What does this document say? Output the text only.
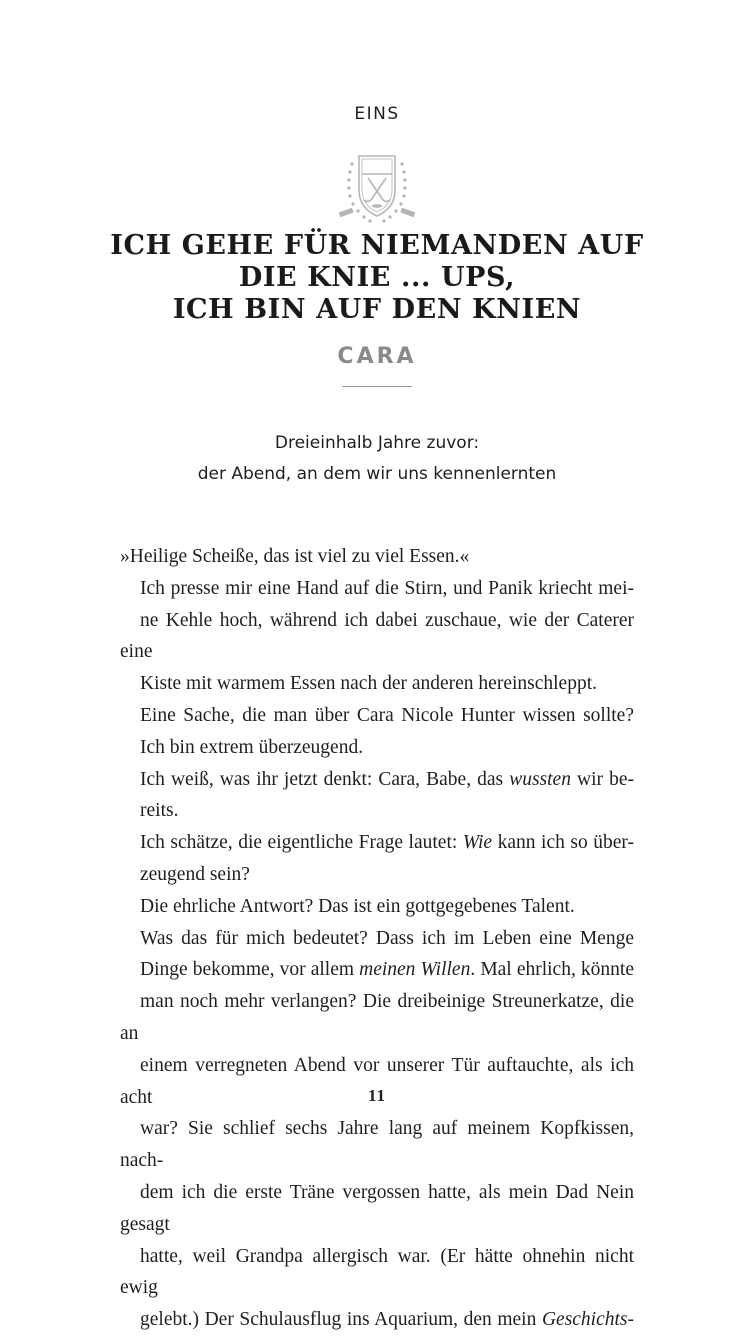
EINS
ICH GEHE FÜR NIEMANDEN AUF
DIE KNIE ... UPS,
ICH BIN AUF DEN KNIEN
CARA
Dreieinhalb Jahre zuvor:
der Abend, an dem wir uns kennenlernten

»Heilige Scheiße, das ist viel zu viel Essen.«

Ich presse mir eine Hand auf die Stirn, und Panik kriecht mei-
ne Kehle hoch, während ich dabei zuschaue, wie der Caterer eine
Kiste mit warmem Essen nach der anderen hereinschleppt.

Eine Sache, die man über Cara Nicole Hunter wissen sollte?
Ich bin extrem überzeugend.

Ich weiß, was ihr jetzt denkt: Cara, Babe, das wussten wir be-
reits.

Ich schätze, die eigentliche Frage lautet: Wie kann ich so über-
zeugend sein?

Die ehrliche Antwort? Das ist ein gottgegebenes Talent.

Was das für mich bedeutet? Dass ich im Leben eine Menge
Dinge bekomme, vor allem meinen Willen. Mal ehrlich, könnte
man noch mehr verlangen? Die dreibeinige Streunerkatze, die an
einem verregneten Abend vor unserer Tür auftauchte, als ich acht
war? Sie schlief sechs Jahre lang auf meinem Kopfkissen, nach-
dem ich die erste Träne vergossen hatte, als mein Dad Nein gesagt
hatte, weil Grandpa allergisch war. (Er hätte ohnehin nicht ewig
gelebt.) Der Schulausflug ins Aquarium, den mein Geschichts-

11
